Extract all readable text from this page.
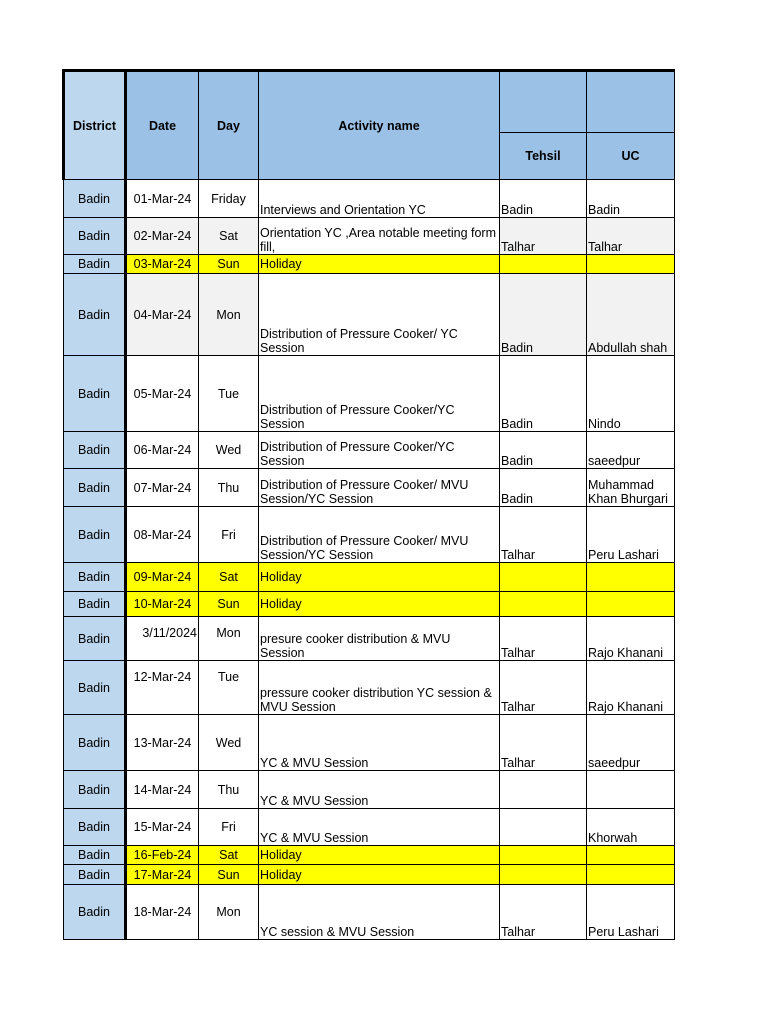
District	Date	Day	Activity name		
				Tehsil	UC
Badin	01-Mar-24	Friday	Interviews and Orientation YC	Badin	Badin
Badin	02-Mar-24	Sat	Orientation YC ,Area notable meeting form fill,	Talhar	Talhar
Badin	03-Mar-24	Sun	Holiday		
Badin	04-Mar-24	Mon	Distribution of Pressure Cooker/ YC Session	Badin	Abdullah shah
Badin	05-Mar-24	Tue	Distribution of Pressure Cooker/YC Session	Badin	Nindo
Badin	06-Mar-24	Wed	Distribution of Pressure Cooker/YC Session	Badin	saeedpur
Badin	07-Mar-24	Thu	Distribution of Pressure Cooker/ MVU Session/YC Session	Badin	Muhammad Khan Bhurgari
Badin	08-Mar-24	Fri	Distribution of Pressure Cooker/ MVU Session/YC Session	Talhar	Peru Lashari
Badin	09-Mar-24	Sat	Holiday		
Badin	10-Mar-24	Sun	Holiday		
Badin	3/11/2024	Mon	presure cooker distribution & MVU Session	Talhar	Rajo Khanani
Badin	12-Mar-24	Tue	pressure cooker distribution YC session & MVU Session	Talhar	Rajo Khanani
Badin	13-Mar-24	Wed	YC & MVU Session	Talhar	saeedpur
Badin	14-Mar-24	Thu	YC & MVU Session		
Badin	15-Mar-24	Fri	YC & MVU Session		Khorwah
Badin	16-Feb-24	Sat	Holiday		
Badin	17-Mar-24	Sun	Holiday		
Badin	18-Mar-24	Mon	YC session & MVU Session	Talhar	Peru Lashari
